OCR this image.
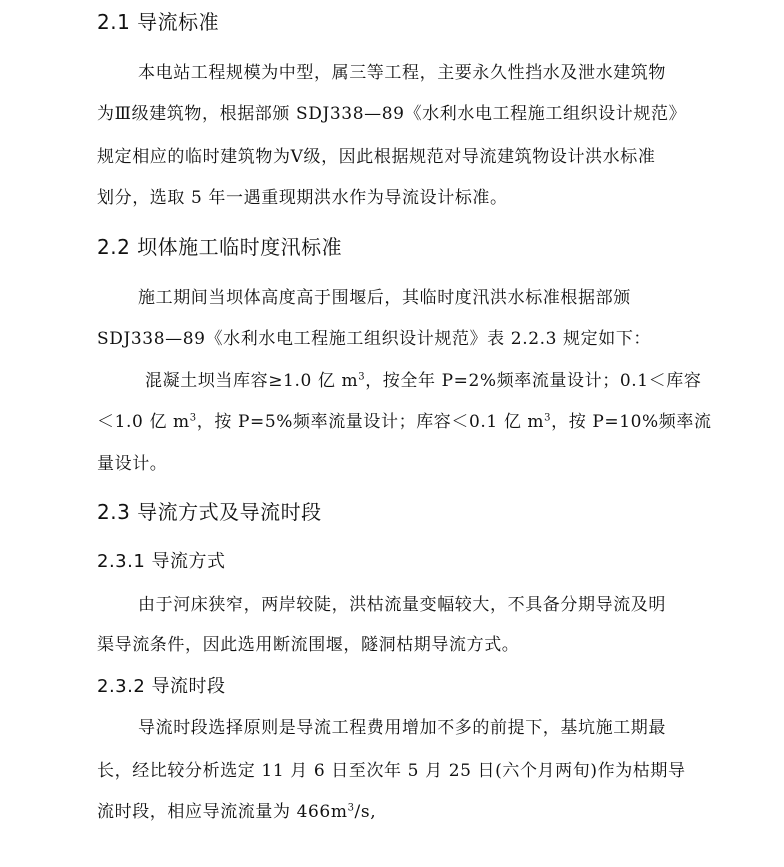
2.1 导流标准

本电站工程规模为中型，属三等工程，主要永久性挡水及泄水建筑物

为Ⅲ级建筑物，根据部颁 SDJ338—89《水利水电工程施工组织设计规范》

规定相应的临时建筑物为Ⅴ级，因此根据规范对导流建筑物设计洪水标准

划分，选取 5 年一遇重现期洪水作为导流设计标准。

2.2 坝体施工临时度汛标准

施工期间当坝体高度高于围堰后，其临时度汛洪水标准根据部颁

SDJ338—89《水利水电工程施工组织设计规范》表 2.2.3 规定如下：

混凝土坝当库容≥1.0 亿 $m^3$，按全年 P=2%频率流量设计；0.1＜库容

＜1.0 亿 $m^3$，按 P=5%频率流量设计；库容＜0.1 亿 $m^3$，按 P=10%频率流

量设计。

2.3 导流方式及导流时段
2.3.1 导流方式

由于河床狭窄，两岸较陡，洪枯流量变幅较大，不具备分期导流及明

渠导流条件，因此选用断流围堰，隧洞枯期导流方式。

2.3.2 导流时段

导流时段选择原则是导流工程费用增加不多的前提下，基坑施工期最

长，经比较分析选定 11 月 6 日至次年 5 月 25 日(六个月两旬)作为枯期导

流时段，相应导流流量为 $466m^3/s$,
